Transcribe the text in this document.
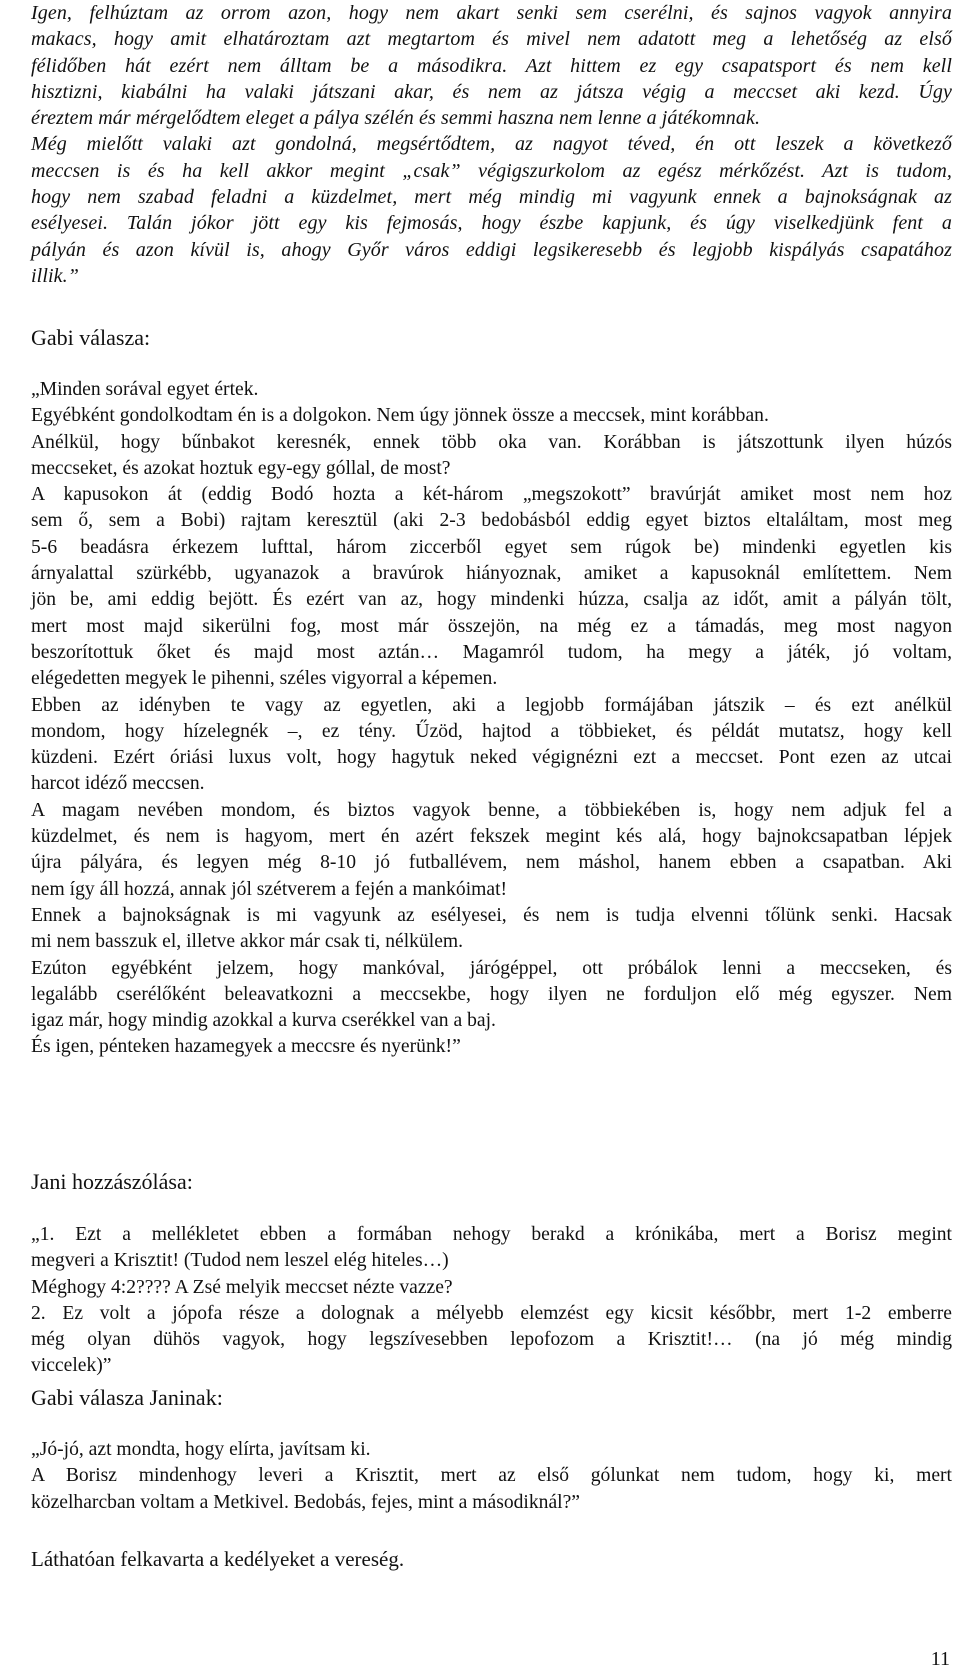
Igen, felhúztam az orrom azon, hogy nem akart senki sem cserélni, és sajnos vagyok annyira
makacs, hogy amit elhatároztam azt megtartom és mivel nem adatott meg a lehetőség az első
félidőben hát ezért nem álltam be a másodikra. Azt hittem ez egy csapatsport és nem kell
hisztizni, kiabálni ha valaki játszani akar, és nem az játsza végig a meccset aki kezd. Úgy
éreztem már mérgelődtem eleget a pálya szélén és semmi haszna nem lenne a játékomnak.
Még mielőtt valaki azt gondolná, megsértődtem, az nagyot téved, én ott leszek a következő
meccsen is és ha kell akkor megint „csak” végigszurkolom az egész mérkőzést. Azt is tudom,
hogy nem szabad feladni a küzdelmet, mert még mindig mi vagyunk ennek a bajnokságnak az
esélyesei. Talán jókor jött egy kis fejmosás, hogy észbe kapjunk, és úgy viselkedjünk fent a
pályán és azon kívül is, ahogy Győr város eddigi legsikeresebb és legjobb kispályás csapatához
illik.”
Gabi válasza:
„Minden sorával egyet értek.
Egyébként gondolkodtam én is a dolgokon. Nem úgy jönnek össze a meccsek, mint korábban.
Anélkül, hogy bűnbakot keresnék, ennek több oka van. Korábban is játszottunk ilyen húzós
meccseket, és azokat hoztuk egy-egy góllal, de most?
A kapusokon át (eddig Bodó hozta a két-három „megszokott” bravúrját amiket most nem hoz
sem ő, sem a Bobi) rajtam keresztül (aki 2-3 bedobásból eddig egyet biztos eltaláltam, most meg
5-6 beadásra érkezem lufttal, három ziccerből egyet sem rúgok be) mindenki egyetlen kis
árnyalattal szürkébb, ugyanazok a bravúrok hiányoznak, amiket a kapusoknál említettem. Nem
jön be, ami eddig bejött. És ezért van az, hogy mindenki húzza, csalja az időt, amit a pályán tölt,
mert most majd sikerülni fog, most már összejön, na még ez a támadás, meg most nagyon
beszorítottuk őket és majd most aztán… Magamról tudom, ha megy a játék, jó voltam,
elégedetten megyek le pihenni, széles vigyorral a képemen.
Ebben az idényben te vagy az egyetlen, aki a legjobb formájában játszik – és ezt anélkül
mondom, hogy hízelegnék –, ez tény. Űzöd, hajtod a többieket, és példát mutatsz, hogy kell
küzdeni. Ezért óriási luxus volt, hogy hagytuk neked végignézni ezt a meccset. Pont ezen az utcai
harcot idéző meccsen.
A magam nevében mondom, és biztos vagyok benne, a többiekében is, hogy nem adjuk fel a
küzdelmet, és nem is hagyom, mert én azért fekszek megint kés alá, hogy bajnokcsapatban lépjek
újra pályára, és legyen még 8-10 jó futballévem, nem máshol, hanem ebben a csapatban. Aki
nem így áll hozzá, annak jól szétverem a fején a mankóimat!
Ennek a bajnokságnak is mi vagyunk az esélyesei, és nem is tudja elvenni tőlünk senki. Hacsak
mi nem basszuk el, illetve akkor már csak ti, nélkülem.
Ezúton egyébként jelzem, hogy mankóval, járógéppel, ott próbálok lenni a meccseken, és
legalább cserélőként beleavatkozni a meccsekbe, hogy ilyen ne forduljon elő még egyszer. Nem
igaz már, hogy mindig azokkal a kurva cserékkel van a baj.
És igen, pénteken hazamegyek a meccsre és nyerünk!”
Jani hozzászólása:
„1. Ezt a mellékletet ebben a formában nehogy berakd a krónikába, mert a Borisz megint
megveri a Krisztit! (Tudod nem leszel elég hiteles…)
Méghogy 4:2???? A Zsé melyik meccset nézte vazze?
2. Ez volt a jópofa része a dolognak a mélyebb elemzést egy kicsit későbbr, mert 1-2 emberre
még olyan dühös vagyok, hogy legszívesebben lepofozom a Krisztit!… (na jó még mindig
viccelek)”
Gabi válasza Janinak:
„Jó-jó, azt mondta, hogy elírta, javítsam ki.
A Borisz mindenhogy leveri a Krisztit, mert az első gólunkat nem tudom, hogy ki, mert
közelharcban voltam a Metkivel. Bedobás, fejes, mint a másodiknál?”
Láthatóan felkavarta a kedélyeket a vereség.
11
